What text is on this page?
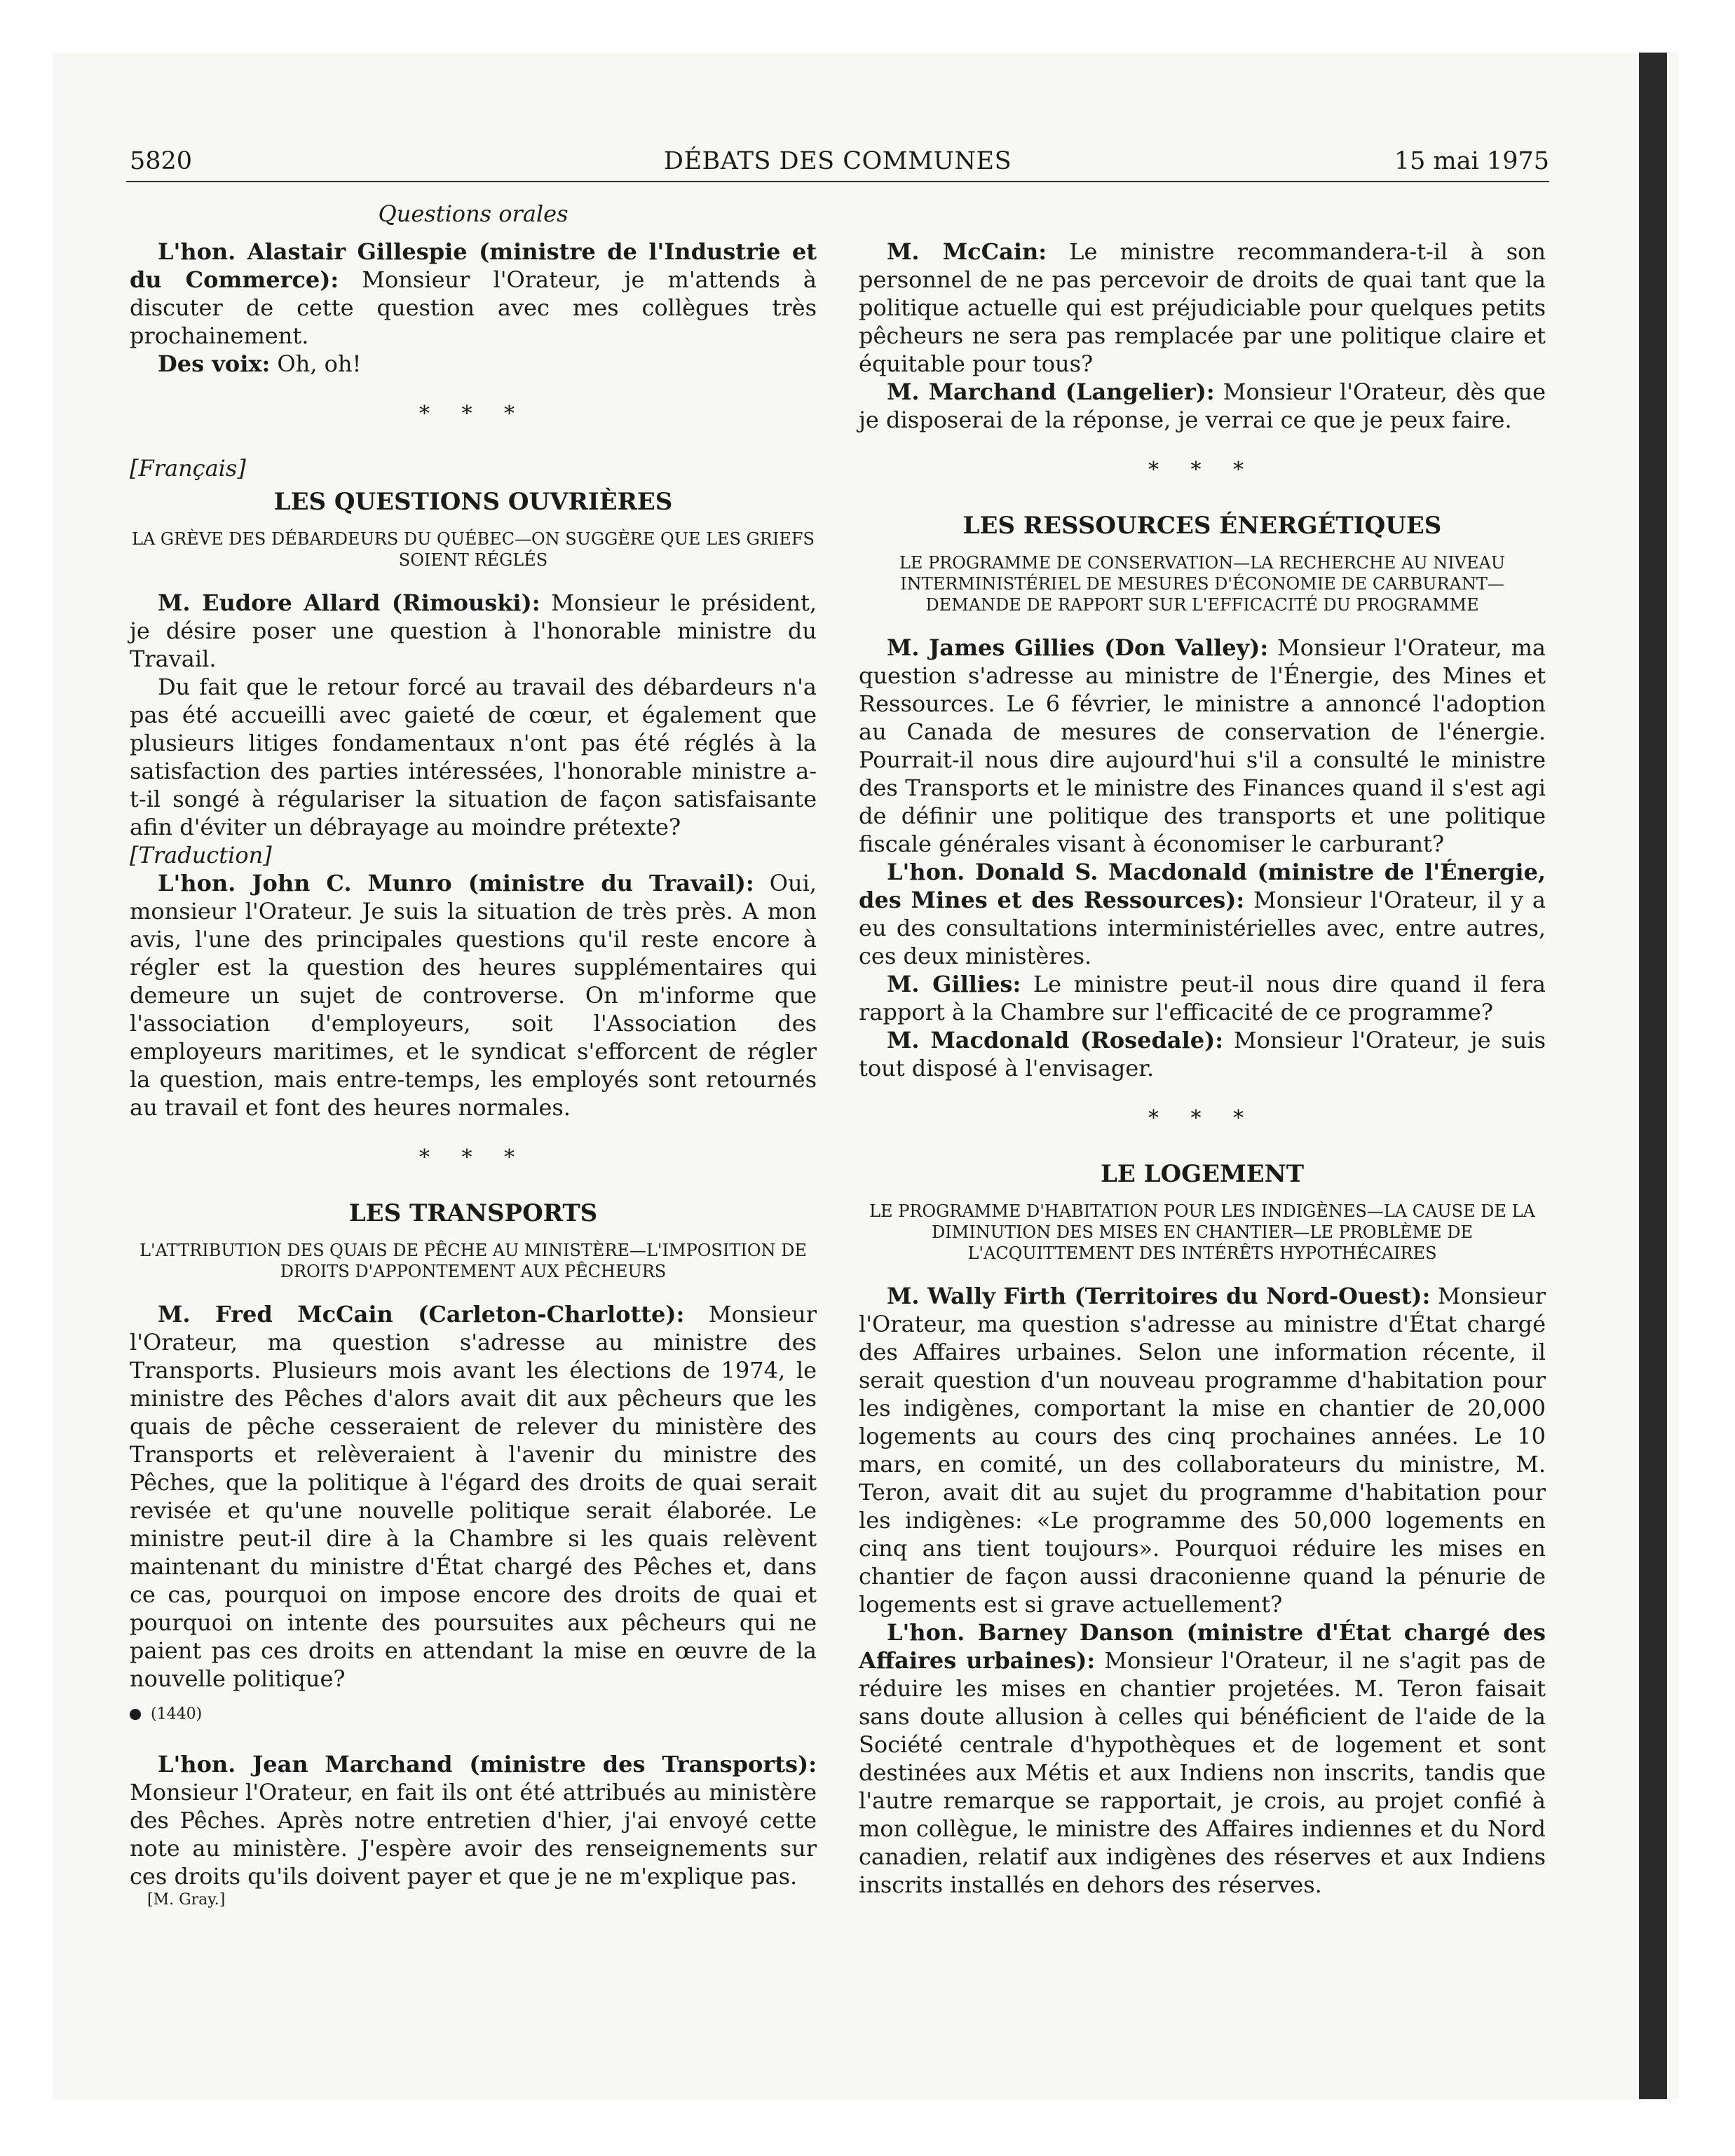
5820	DÉBATS DES COMMUNES	15 mai 1975
Questions orales

L'hon. Alastair Gillespie (ministre de l'Industrie et du Commerce): Monsieur l'Orateur, je m'attends à discuter de cette question avec mes collègues très prochainement.

Des voix: Oh, oh!

* * *
[Français]
LES QUESTIONS OUVRIÈRES
LA GRÈVE DES DÉBARDEURS DU QUÉBEC—ON SUGGÈRE QUE LES GRIEFS SOIENT RÉGLÉS

M. Eudore Allard (Rimouski): Monsieur le président, je désire poser une question à l'honorable ministre du Travail.

Du fait que le retour forcé au travail des débardeurs n'a pas été accueilli avec gaieté de cœur, et également que plusieurs litiges fondamentaux n'ont pas été réglés à la satisfaction des parties intéressées, l'honorable ministre a-t-il songé à régulariser la situation de façon satisfaisante afin d'éviter un débrayage au moindre prétexte?

[Traduction]

L'hon. John C. Munro (ministre du Travail): Oui, monsieur l'Orateur. Je suis la situation de très près. A mon avis, l'une des principales questions qu'il reste encore à régler est la question des heures supplémentaires qui demeure un sujet de controverse. On m'informe que l'association d'employeurs, soit l'Association des employeurs maritimes, et le syndicat s'efforcent de régler la question, mais entre-temps, les employés sont retournés au travail et font des heures normales.

* * *
LES TRANSPORTS
L'ATTRIBUTION DES QUAIS DE PÊCHE AU MINISTÈRE—L'IMPOSITION DE DROITS D'APPONTEMENT AUX PÊCHEURS

M. Fred McCain (Carleton-Charlotte): Monsieur l'Orateur, ma question s'adresse au ministre des Transports. Plusieurs mois avant les élections de 1974, le ministre des Pêches d'alors avait dit aux pêcheurs que les quais de pêche cesseraient de relever du ministère des Transports et relèveraient à l'avenir du ministre des Pêches, que la politique à l'égard des droits de quai serait revisée et qu'une nouvelle politique serait élaborée. Le ministre peut-il dire à la Chambre si les quais relèvent maintenant du ministre d'État chargé des Pêches et, dans ce cas, pourquoi on impose encore des droits de quai et pourquoi on intente des poursuites aux pêcheurs qui ne paient pas ces droits en attendant la mise en œuvre de la nouvelle politique?

(1440)

L'hon. Jean Marchand (ministre des Transports): Monsieur l'Orateur, en fait ils ont été attribués au ministère des Pêches. Après notre entretien d'hier, j'ai envoyé cette note au ministère. J'espère avoir des renseignements sur ces droits qu'ils doivent payer et que je ne m'explique pas.

[M. Gray.]

M. McCain: Le ministre recommandera-t-il à son personnel de ne pas percevoir de droits de quai tant que la politique actuelle qui est préjudiciable pour quelques petits pêcheurs ne sera pas remplacée par une politique claire et équitable pour tous?

M. Marchand (Langelier): Monsieur l'Orateur, dès que je disposerai de la réponse, je verrai ce que je peux faire.

* * *
LES RESSOURCES ÉNERGÉTIQUES
LE PROGRAMME DE CONSERVATION—LA RECHERCHE AU NIVEAU INTERMINISTÉRIEL DE MESURES D'ÉCONOMIE DE CARBURANT—DEMANDE DE RAPPORT SUR L'EFFICACITÉ DU PROGRAMME

M. James Gillies (Don Valley): Monsieur l'Orateur, ma question s'adresse au ministre de l'Énergie, des Mines et Ressources. Le 6 février, le ministre a annoncé l'adoption au Canada de mesures de conservation de l'énergie. Pourrait-il nous dire aujourd'hui s'il a consulté le ministre des Transports et le ministre des Finances quand il s'est agi de définir une politique des transports et une politique fiscale générales visant à économiser le carburant?

L'hon. Donald S. Macdonald (ministre de l'Énergie, des Mines et des Ressources): Monsieur l'Orateur, il y a eu des consultations interministérielles avec, entre autres, ces deux ministères.

M. Gillies: Le ministre peut-il nous dire quand il fera rapport à la Chambre sur l'efficacité de ce programme?

M. Macdonald (Rosedale): Monsieur l'Orateur, je suis tout disposé à l'envisager.

* * *
LE LOGEMENT
LE PROGRAMME D'HABITATION POUR LES INDIGÈNES—LA CAUSE DE LA DIMINUTION DES MISES EN CHANTIER—LE PROBLÈME DE L'ACQUITTEMENT DES INTÉRÊTS HYPOTHÉCAIRES

M. Wally Firth (Territoires du Nord-Ouest): Monsieur l'Orateur, ma question s'adresse au ministre d'État chargé des Affaires urbaines. Selon une information récente, il serait question d'un nouveau programme d'habitation pour les indigènes, comportant la mise en chantier de 20,000 logements au cours des cinq prochaines années. Le 10 mars, en comité, un des collaborateurs du ministre, M. Teron, avait dit au sujet du programme d'habitation pour les indigènes: «Le programme des 50,000 logements en cinq ans tient toujours». Pourquoi réduire les mises en chantier de façon aussi draconienne quand la pénurie de logements est si grave actuellement?

L'hon. Barney Danson (ministre d'État chargé des Affaires urbaines): Monsieur l'Orateur, il ne s'agit pas de réduire les mises en chantier projetées. M. Teron faisait sans doute allusion à celles qui bénéficient de l'aide de la Société centrale d'hypothèques et de logement et sont destinées aux Métis et aux Indiens non inscrits, tandis que l'autre remarque se rapportait, je crois, au projet confié à mon collègue, le ministre des Affaires indiennes et du Nord canadien, relatif aux indigènes des réserves et aux Indiens inscrits installés en dehors des réserves.
